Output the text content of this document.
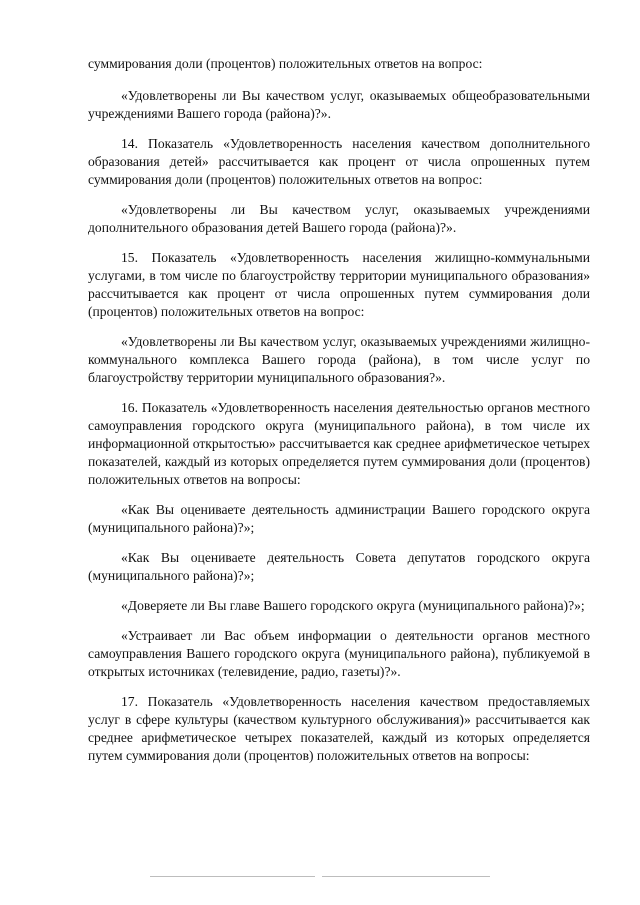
суммирования доли (процентов) положительных ответов на вопрос:

«Удовлетворены ли Вы качеством услуг, оказываемых общеобразовательными учреждениями Вашего города (района)?».

14. Показатель «Удовлетворенность населения качеством дополнительного образования детей» рассчитывается как процент от числа опрошенных путем суммирования доли (процентов) положительных ответов на вопрос:

«Удовлетворены ли Вы качеством услуг, оказываемых учреждениями дополнительного образования детей Вашего города (района)?».

15. Показатель «Удовлетворенность населения жилищно-коммунальными услугами, в том числе по благоустройству территории муниципального образования» рассчитывается как процент от числа опрошенных путем суммирования доли (процентов) положительных ответов на вопрос:

«Удовлетворены ли Вы качеством услуг, оказываемых учреждениями жилищно-коммунального комплекса Вашего города (района), в том числе услуг по благоустройству территории муниципального образования?».

16. Показатель «Удовлетворенность населения деятельностью органов местного самоуправления городского округа (муниципального района), в том числе их информационной открытостью» рассчитывается как среднее арифметическое четырех показателей, каждый из которых определяется путем суммирования доли (процентов) положительных ответов на вопросы:

«Как Вы оцениваете деятельность администрации Вашего городского округа (муниципального района)?»;

«Как Вы оцениваете деятельность Совета депутатов городского округа (муниципального района)?»;

«Доверяете ли Вы главе Вашего городского округа (муниципального района)?»;

«Устраивает ли Вас объем информации о деятельности органов местного самоуправления Вашего городского округа (муниципального района), публикуемой в открытых источниках (телевидение, радио, газеты)?».

17. Показатель «Удовлетворенность населения качеством предоставляемых услуг в сфере культуры (качеством культурного обслуживания)» рассчитывается как среднее арифметическое четырех показателей, каждый из которых определяется путем суммирования доли (процентов) положительных ответов на вопросы:
